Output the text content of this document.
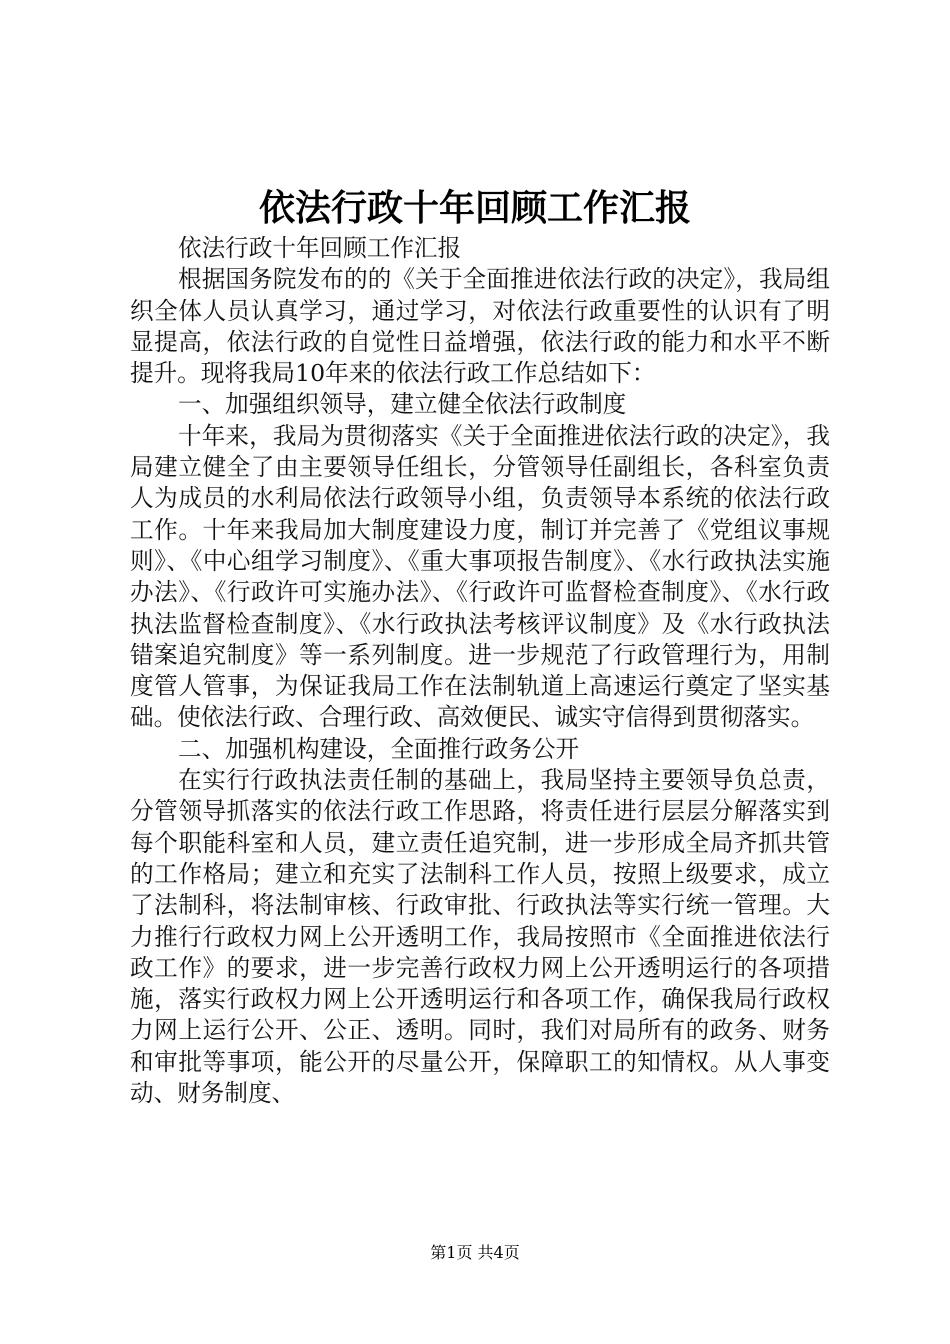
依法行政十年回顾工作汇报

依法行政十年回顾工作汇报

根据国务院发布的的《关于全面推进依法行政的决定》，我局组织全体人员认真学习，通过学习，对依法行政重要性的认识有了明显提高，依法行政的自觉性日益增强，依法行政的能力和水平不断提升。现将我局10年来的依法行政工作总结如下：

一、加强组织领导，建立健全依法行政制度

十年来，我局为贯彻落实《关于全面推进依法行政的决定》，我局建立健全了由主要领导任组长，分管领导任副组长，各科室负责人为成员的水利局依法行政领导小组，负责领导本系统的依法行政工作。十年来我局加大制度建设力度，制订并完善了《党组议事规则》、《中心组学习制度》、《重大事项报告制度》、《水行政执法实施办法》、《行政许可实施办法》、《行政许可监督检查制度》、《水行政执法监督检查制度》、《水行政执法考核评议制度》及《水行政执法错案追究制度》等一系列制度。进一步规范了行政管理行为，用制度管人管事，为保证我局工作在法制轨道上高速运行奠定了坚实基础。使依法行政、合理行政、高效便民、诚实守信得到贯彻落实。

二、加强机构建设，全面推行政务公开

在实行行政执法责任制的基础上，我局坚持主要领导负总责，分管领导抓落实的依法行政工作思路，将责任进行层层分解落实到每个职能科室和人员，建立责任追究制，进一步形成全局齐抓共管的工作格局；建立和充实了法制科工作人员，按照上级要求，成立了法制科，将法制审核、行政审批、行政执法等实行统一管理。大力推行行政权力网上公开透明工作，我局按照市《全面推进依法行政工作》的要求，进一步完善行政权力网上公开透明运行的各项措施，落实行政权力网上公开透明运行和各项工作，确保我局行政权力网上运行公开、公正、透明。同时，我们对局所有的政务、财务和审批等事项，能公开的尽量公开，保障职工的知情权。从人事变动、财务制度、

第1页 共4页
